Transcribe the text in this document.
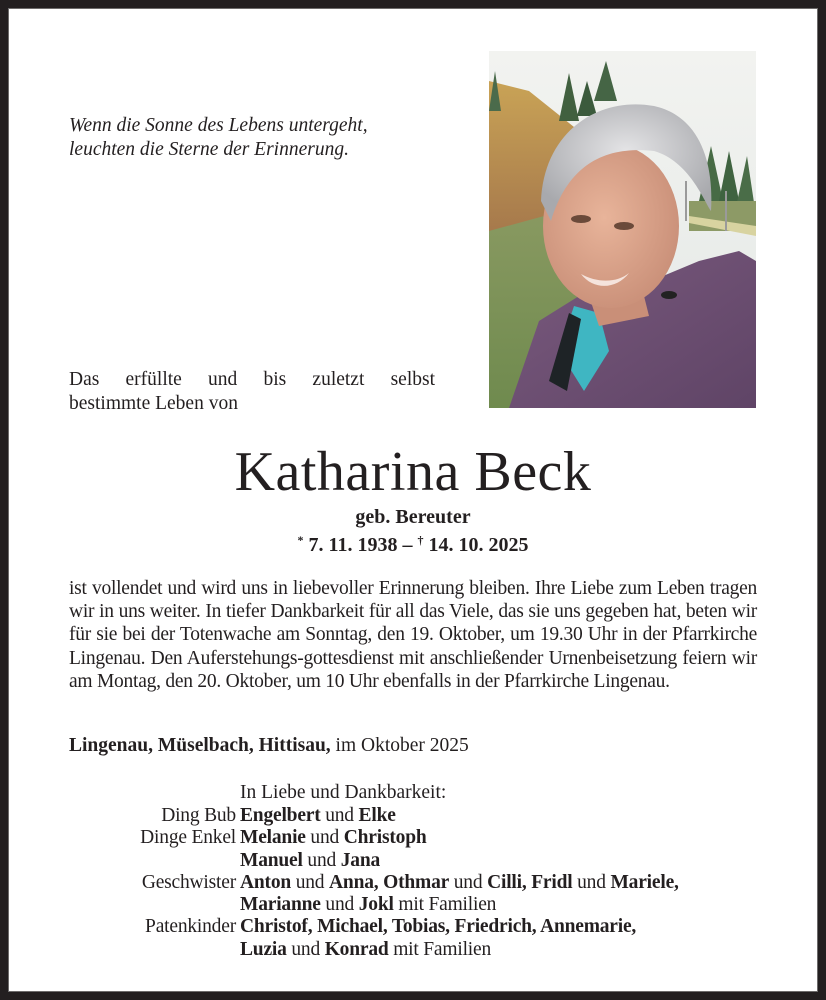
Wenn die Sonne des Lebens untergeht,
leuchten die Sterne der Erinnerung.
Das erfüllte und bis zuletzt selbst
bestimmte Leben von
Katharina Beck
geb. Bereuter
* 7. 11. 1938 – † 14. 10. 2025
ist vollendet und wird uns in liebevoller Erinnerung bleiben. Ihre Liebe zum Leben tragen wir in uns weiter. In tiefer Dankbarkeit für all das Viele, das sie uns gegeben hat, beten wir für sie bei der Totenwache am Sonntag, den 19. Oktober, um 19.30 Uhr in der Pfarrkirche Lingenau. Den Auferstehungs-gottesdienst mit anschließender Urnenbeisetzung feiern wir am Montag, den 20. Oktober, um 10 Uhr ebenfalls in der Pfarrkirche Lingenau.
Lingenau, Müselbach, Hittisau, im Oktober 2025
In Liebe und Dankbarkeit:
Ding Bub Engelbert und Elke
Dinge Enkel Melanie und Christoph
Manuel und Jana
Geschwister Anton und Anna, Othmar und Cilli, Fridl und Mariele,
Marianne und Jokl mit Familien
Patenkinder Christof, Michael, Tobias, Friedrich, Annemarie,
Luzia und Konrad mit Familien
